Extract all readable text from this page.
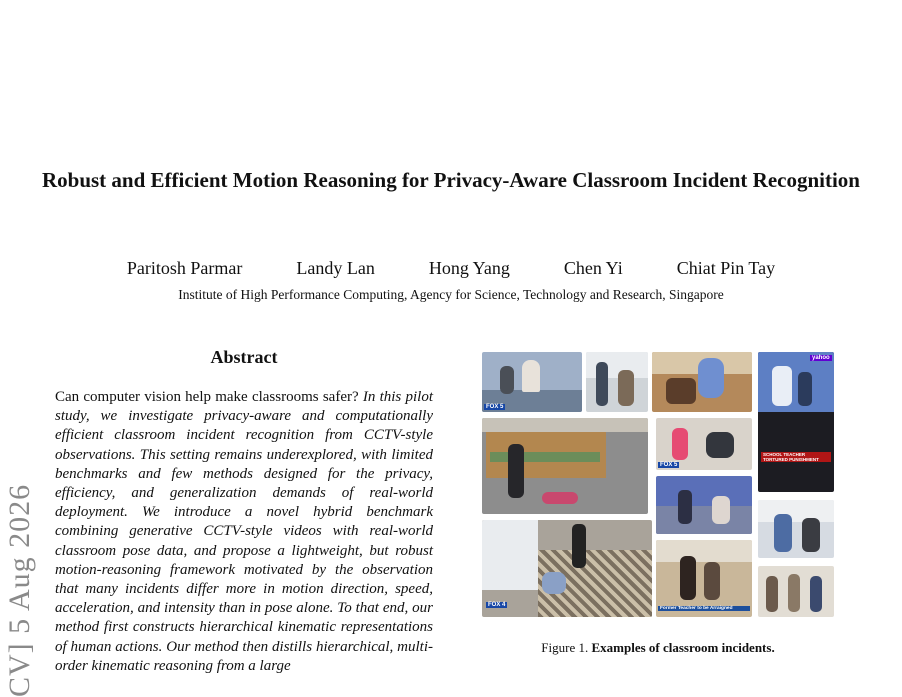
Robust and Efficient Motion Reasoning for Privacy-Aware Classroom Incident Recognition
Paritosh Parmar	Landy Lan	Hong Yang	Chen Yi	Chiat Pin Tay
Institute of High Performance Computing, Agency for Science, Technology and Research, Singapore
Abstract
Can computer vision help make classrooms safer? In this pilot study, we investigate privacy-aware and computationally efficient classroom incident recognition from CCTV-style observations. This setting remains underexplored, with limited benchmarks and few methods designed for the privacy, efficiency, and generalization demands of real-world deployment. We introduce a novel hybrid benchmark combining generative CCTV-style videos with real-world classroom pose data, and propose a lightweight, but robust motion-reasoning framework motivated by the observation that many incidents differ more in motion direction, speed, acceleration, and intensity than in pose alone. To that end, our method first constructs hierarchical kinematic representations of human actions. Our method then distills hierarchical, multi-order kinematic reasoning from a large
CV] 5 Aug 2026
FOX 5
yahoo
SCHOOL TEACHER TORTURED PUNISHMENT
FOX 5
FOX 4
Former Teacher to be Arraigned
Figure 1. Examples of classroom incidents.
